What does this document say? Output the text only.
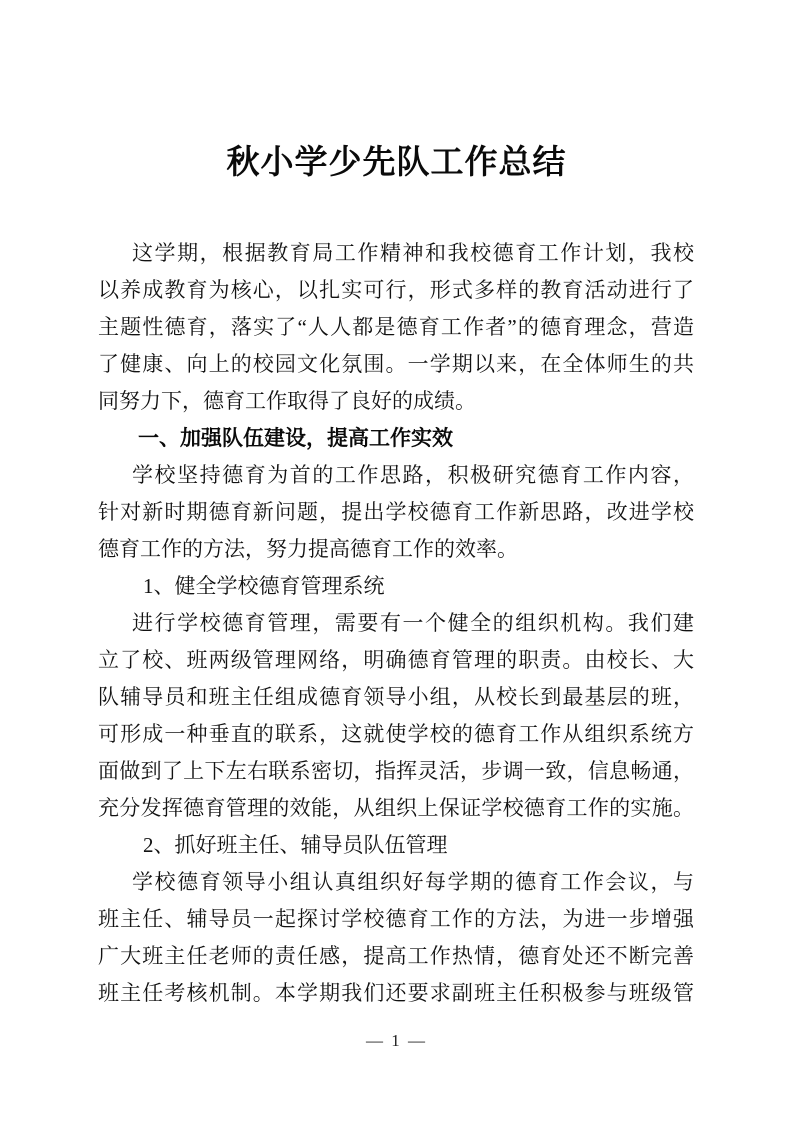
秋小学少先队工作总结
这学期，根据教育局工作精神和我校德育工作计划，我校
以养成教育为核心，以扎实可行，形式多样的教育活动进行了
主题性德育，落实了“人人都是德育工作者”的德育理念，营造
了健康、向上的校园文化氛围。一学期以来，在全体师生的共
同努力下，德育工作取得了良好的成绩。
一、加强队伍建设，提高工作实效
学校坚持德育为首的工作思路，积极研究德育工作内容，
针对新时期德育新问题，提出学校德育工作新思路，改进学校
德育工作的方法，努力提高德育工作的效率。
1、健全学校德育管理系统
进行学校德育管理，需要有一个健全的组织机构。我们建
立了校、班两级管理网络，明确德育管理的职责。由校长、大
队辅导员和班主任组成德育领导小组，从校长到最基层的班，
可形成一种垂直的联系，这就使学校的德育工作从组织系统方
面做到了上下左右联系密切，指挥灵活，步调一致，信息畅通，
充分发挥德育管理的效能，从组织上保证学校德育工作的实施。
2、抓好班主任、辅导员队伍管理
学校德育领导小组认真组织好每学期的德育工作会议，与
班主任、辅导员一起探讨学校德育工作的方法，为进一步增强
广大班主任老师的责任感，提高工作热情，德育处还不断完善
班主任考核机制。本学期我们还要求副班主任积极参与班级管
— 1 —
